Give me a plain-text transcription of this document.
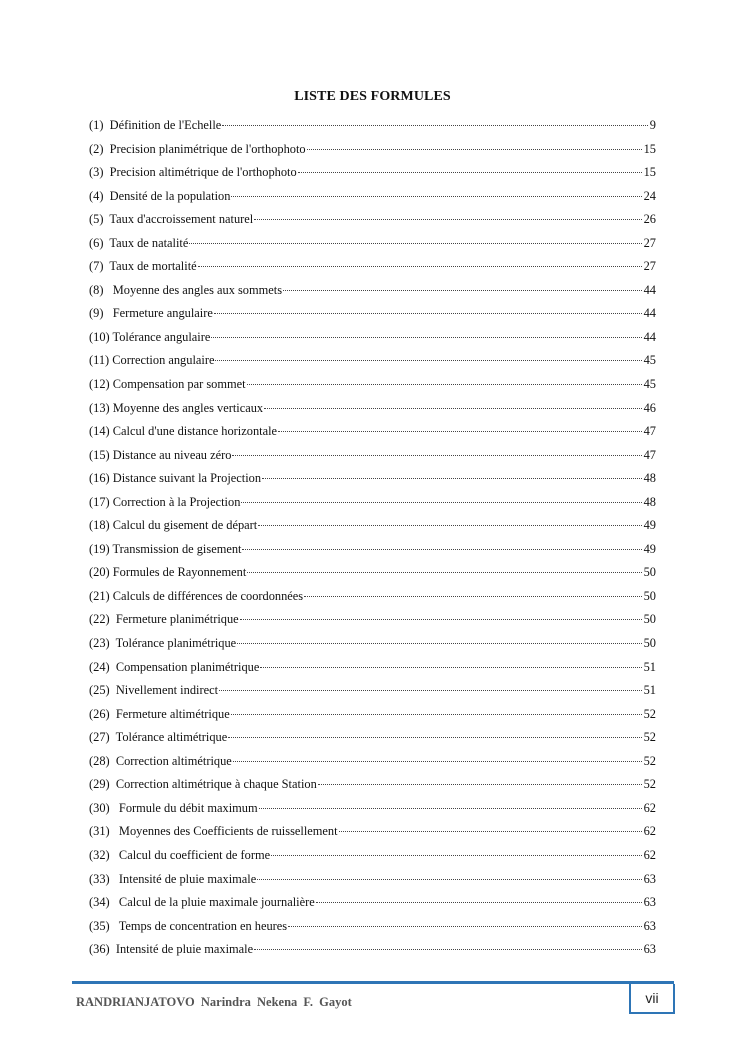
LISTE DES FORMULES
(1)  Définition de l'Echelle	9
(2)  Precision planimétrique de l'orthophoto	15
(3)  Precision altimétrique de l'orthophoto	15
(4)  Densité de la population	24
(5)  Taux d'accroissement naturel	26
(6)  Taux de natalité	27
(7)  Taux de mortalité	27
(8)   Moyenne des angles aux sommets	44
(9)   Fermeture angulaire	44
(10) Tolérance angulaire	44
(11) Correction angulaire	45
(12) Compensation par sommet	45
(13) Moyenne des angles verticaux	46
(14) Calcul d'une distance horizontale	47
(15) Distance au niveau zéro	47
(16) Distance suivant la Projection	48
(17) Correction à la Projection	48
(18) Calcul du gisement de départ	49
(19) Transmission de gisement	49
(20) Formules de Rayonnement	50
(21) Calculs de différences de coordonnées	50
(22)  Fermeture planimétrique	50
(23)  Tolérance planimétrique	50
(24)  Compensation planimétrique	51
(25)  Nivellement indirect	51
(26)  Fermeture altimétrique	52
(27)  Tolérance altimétrique	52
(28)  Correction altimétrique	52
(29)  Correction altimétrique à chaque Station	52
(30)   Formule du débit maximum	62
(31)   Moyennes des Coefficients de ruissellement	62
(32)   Calcul du coefficient de forme	62
(33)   Intensité de pluie maximale	63
(34)   Calcul de la pluie maximale journalière	63
(35)   Temps de concentration en heures	63
(36)  Intensité de pluie maximale	63
RANDRIANJATOVO Narindra Nekena F. Gayot	vii
